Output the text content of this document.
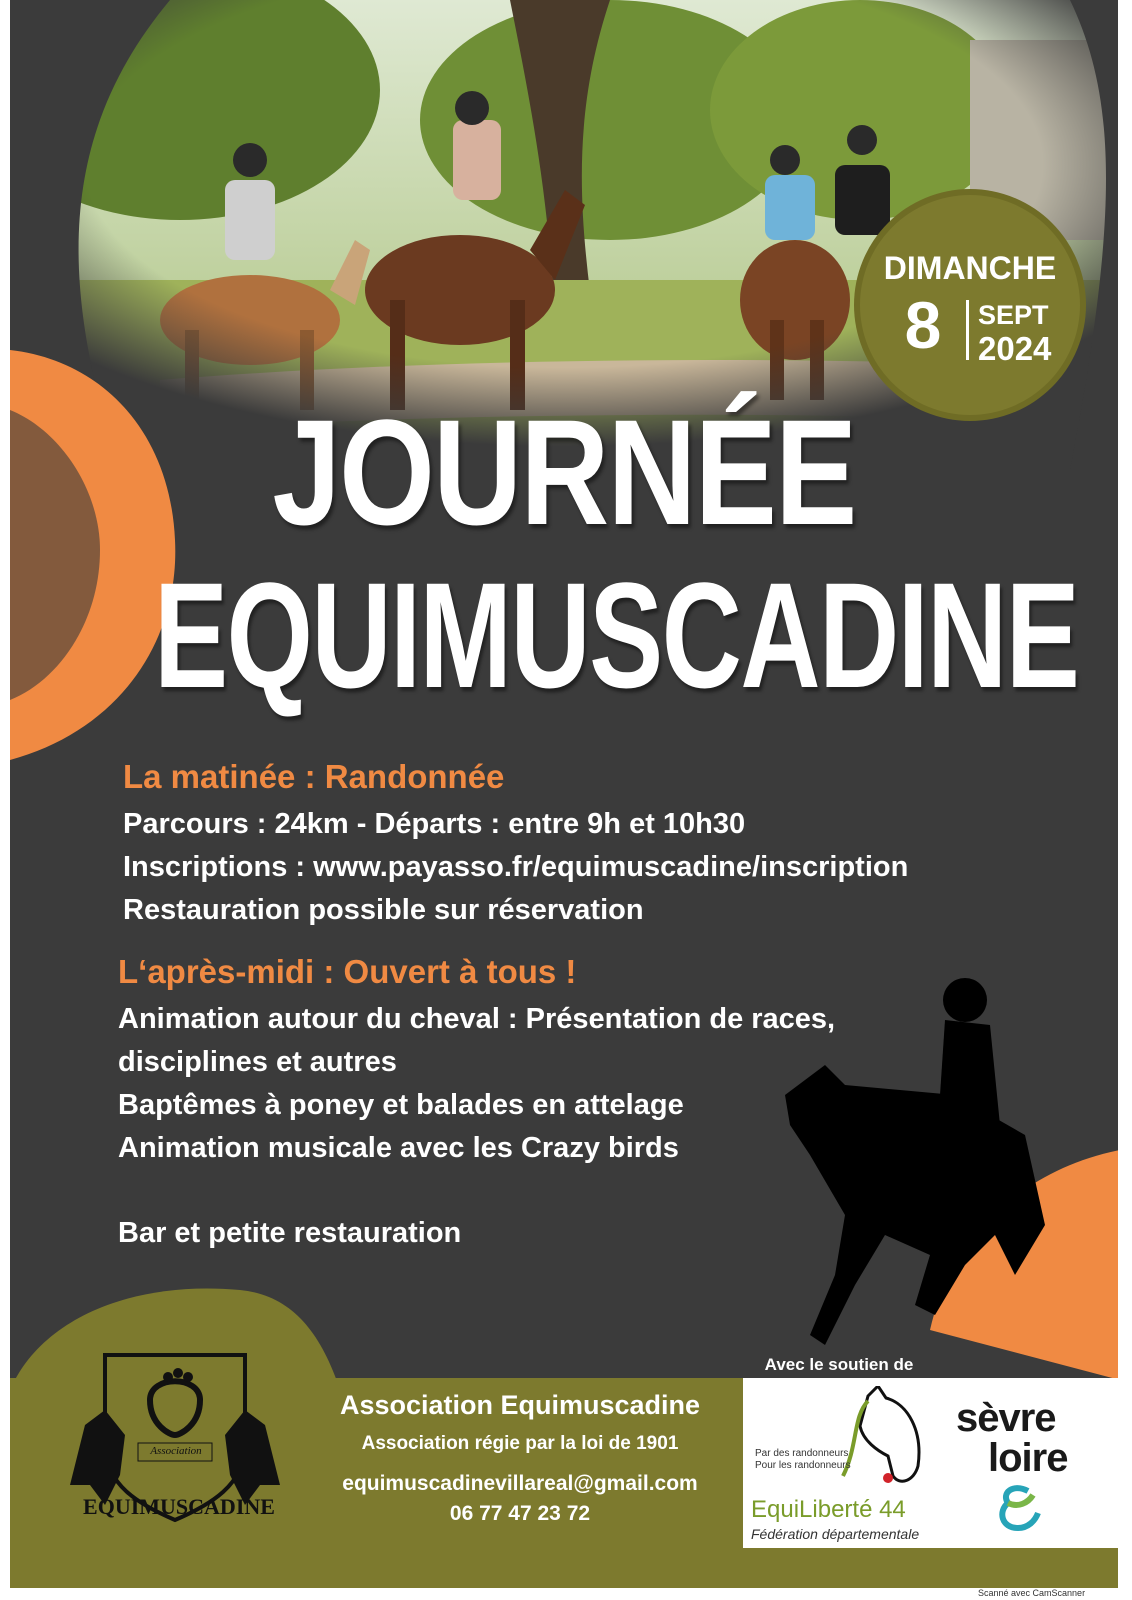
DIMANCHE
8	SEPT
2024
JOURNÉE
EQUIMUSCADINE
La matinée : Randonnée
Parcours : 24km - Départs : entre 9h et 10h30
Inscriptions : www.payasso.fr/equimuscadine/inscription
Restauration possible sur réservation
L‘après-midi : Ouvert à tous !
Animation autour du cheval : Présentation de races,
disciplines et autres
Baptêmes à poney et balades en attelage
Animation musicale avec les Crazy birds
Bar et petite restauration
EQUIMUSCADINE
Association
Association Equimuscadine
Association régie par la loi de 1901
equimuscadinevillareal@gmail.com
06 77 47 23 72
Avec le soutien de
Par des randonneurs
Pour les randonneurs
EquiLiberté 44
Fédération départementale
sèvre
loire
Scanné avec CamScanner
